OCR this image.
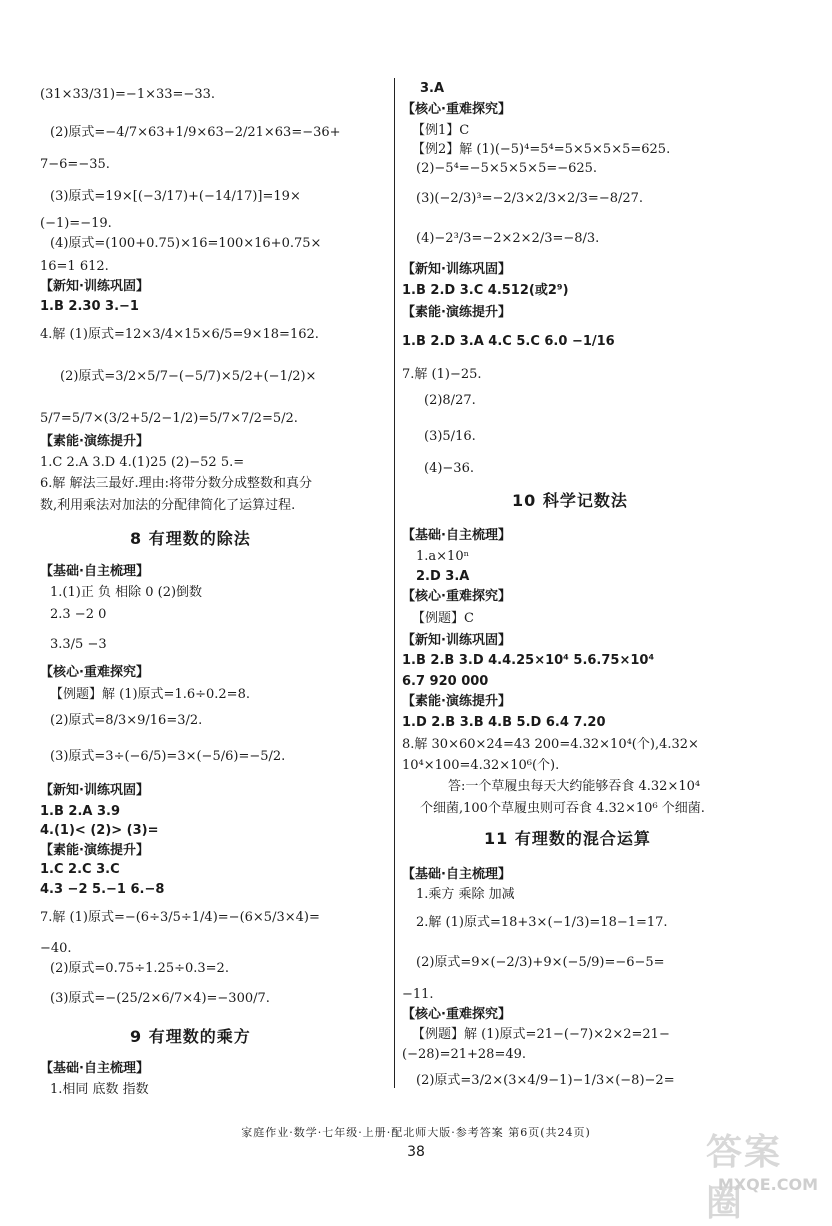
(31×33/31)=−1×33=−33.
(2)原式=−4/7×63+1/9×63−2/21×63=−36+
7−6=−35.
(3)原式=19×[(−3/17)+(−14/17)]=19×
(−1)=−19.
(4)原式=(100+0.75)×16=100×16+0.75×
16=1 612.
【新知·训练巩固】
1.B 2.30 3.−1
4.解 (1)原式=12×3/4×15×6/5=9×18=162.
(2)原式=3/2×5/7−(−5/7)×5/2+(−1/2)×
5/7=5/7×(3/2+5/2−1/2)=5/7×7/2=5/2.
【素能·演练提升】
1.C 2.A 3.D 4.(1)25 (2)−52 5.=
6.解 解法三最好.理由:将带分数分成整数和真分
数,利用乘法对加法的分配律简化了运算过程.
8 有理数的除法
【基础·自主梳理】
1.(1)正 负 相除 0 (2)倒数
2.3 −2 0
3.3/5 −3
【核心·重难探究】
【例题】解 (1)原式=1.6÷0.2=8.
(2)原式=8/3×9/16=3/2.
(3)原式=3÷(−6/5)=3×(−5/6)=−5/2.
【新知·训练巩固】
1.B 2.A 3.9
4.(1)< (2)> (3)=
【素能·演练提升】
1.C 2.C 3.C
4.3 −2 5.−1 6.−8
7.解 (1)原式=−(6÷3/5÷1/4)=−(6×5/3×4)=
−40.
(2)原式=0.75÷1.25÷0.3=2.
(3)原式=−(25/2×6/7×4)=−300/7.
9 有理数的乘方
【基础·自主梳理】
1.相同 底数 指数
3.A
【核心·重难探究】
【例1】C
【例2】解 (1)(−5)⁴=5⁴=5×5×5×5=625.
(2)−5⁴=−5×5×5×5=−625.
(3)(−2/3)³=−2/3×2/3×2/3=−8/27.
(4)−2³/3=−2×2×2/3=−8/3.
【新知·训练巩固】
1.B 2.D 3.C 4.512(或2⁹)
【素能·演练提升】
1.B 2.D 3.A 4.C 5.C 6.0 −1/16
7.解 (1)−25.
(2)8/27.
(3)5/16.
(4)−36.
10 科学记数法
【基础·自主梳理】
1.a×10ⁿ
2.D 3.A
【核心·重难探究】
【例题】C
【新知·训练巩固】
1.B 2.B 3.D 4.4.25×10⁴ 5.6.75×10⁴
6.7 920 000
【素能·演练提升】
1.D 2.B 3.B 4.B 5.D 6.4 7.20
8.解 30×60×24=43 200=4.32×10⁴(个),4.32×
10⁴×100=4.32×10⁶(个).
答:一个草履虫每天大约能够吞食 4.32×10⁴
个细菌,100个草履虫则可吞食 4.32×10⁶ 个细菌.
11 有理数的混合运算
【基础·自主梳理】
1.乘方 乘除 加减
2.解 (1)原式=18+3×(−1/3)=18−1=17.
(2)原式=9×(−2/3)+9×(−5/9)=−6−5=
−11.
【核心·重难探究】
【例题】解 (1)原式=21−(−7)×2×2=21−
(−28)=21+28=49.
(2)原式=3/2×(3×4/9−1)−1/3×(−8)−2=
家庭作业·数学·七年级·上册·配北师大版·参考答案 第6页(共24页)
38	答案圈
MXQE.COM
